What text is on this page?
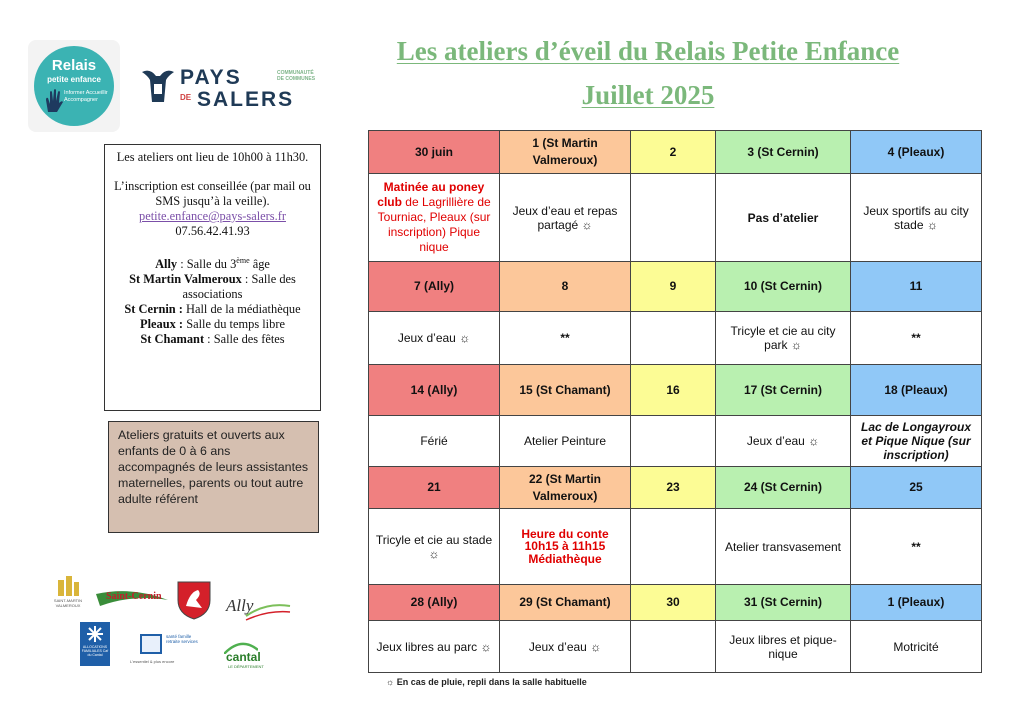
Relais
petite enfance
Informer Accueillir Accompagner
PAYS
DE SALERS
COMMUNAUTÉ DE COMMUNES
Les ateliers d’éveil du Relais Petite Enfance
Juillet 2025

Les ateliers ont lieu de 10h00 à 11h30.

L’inscription est conseillée (par mail ou SMS jusqu’à la veille).

petite.enfance@pays-salers.fr

07.56.42.41.93

Ally : Salle du 3ème âge

St Martin Valmeroux : Salle des associations

St Cernin : Hall de la médiathèque

Pleaux : Salle du temps libre

St Chamant : Salle des fêtes

Ateliers gratuits et ouverts aux enfants de 0 à 6 ans accompagnés de leurs assistantes maternelles, parents ou tout autre adulte référent
30 juin	1 (St Martin Valmeroux)	2	3 (St Cernin)	4 (Pleaux)
Matinée au poney club de Lagrillière de Tourniac, Pleaux (sur inscription) Pique nique	Jeux d’eau et repas partagé ☼		Pas d’atelier	Jeux sportifs au city stade ☼
7 (Ally)	8	9	10 (St Cernin)	11
Jeux d’eau ☼	**		Tricyle et cie au city park ☼	**
14 (Ally)	15 (St Chamant)	16	17 (St Cernin)	18 (Pleaux)
Férié	Atelier Peinture		Jeux d’eau ☼	Lac de Longayroux et Pique Nique (sur inscription)
21	22 (St Martin Valmeroux)	23	24 (St Cernin)	25
Tricyle et cie au stade ☼	Heure du conte 10h15 à 11h15 Médiathèque		Atelier transvasement	**
28 (Ally)	29 (St Chamant)	30	31 (St Cernin)	1 (Pleaux)
Jeux libres au parc ☼	Jeux d’eau ☼		Jeux libres et pique-nique	Motricité
☼ En cas de pluie, repli dans la salle habituelle
SAINT-MARTIN VALMEROUX
Saint-Cernin	Ally
ALLOCATIONS FAMILIALES Caf du Cantal
santé famille retraite services
L'essentiel & plus encore	cantal
LE DÉPARTEMENT
